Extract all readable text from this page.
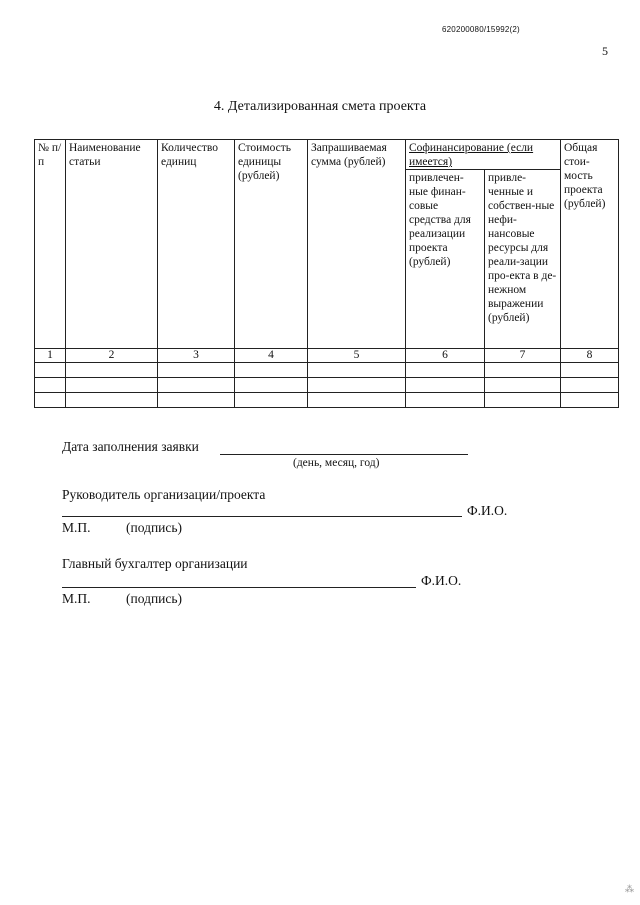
620200080/15992(2)
5
4. Детализированная смета проекта
№ п/п	Наименование статьи	Количество единиц	Стоимость единицы (рублей)	Запрашиваемая сумма (рублей)	Софинансирование (если имеется)		Общая стои-мость проекта (рублей)
					привлечен-ные финан-совые средства для реализации проекта (рублей)	привле-ченные и собствен-ные нефи-нансовые ресурсы для реали-зации про-екта в де-нежном выражении (рублей)	
1	2	3	4	5	6	7	8

Дата заполнения заявки
(день, месяц, год)
Руководитель организации/проекта
Ф.И.О.
М.П.	(подпись)
Главный бухгалтер организации
Ф.И.О.
М.П.	(подпись)
⁂
